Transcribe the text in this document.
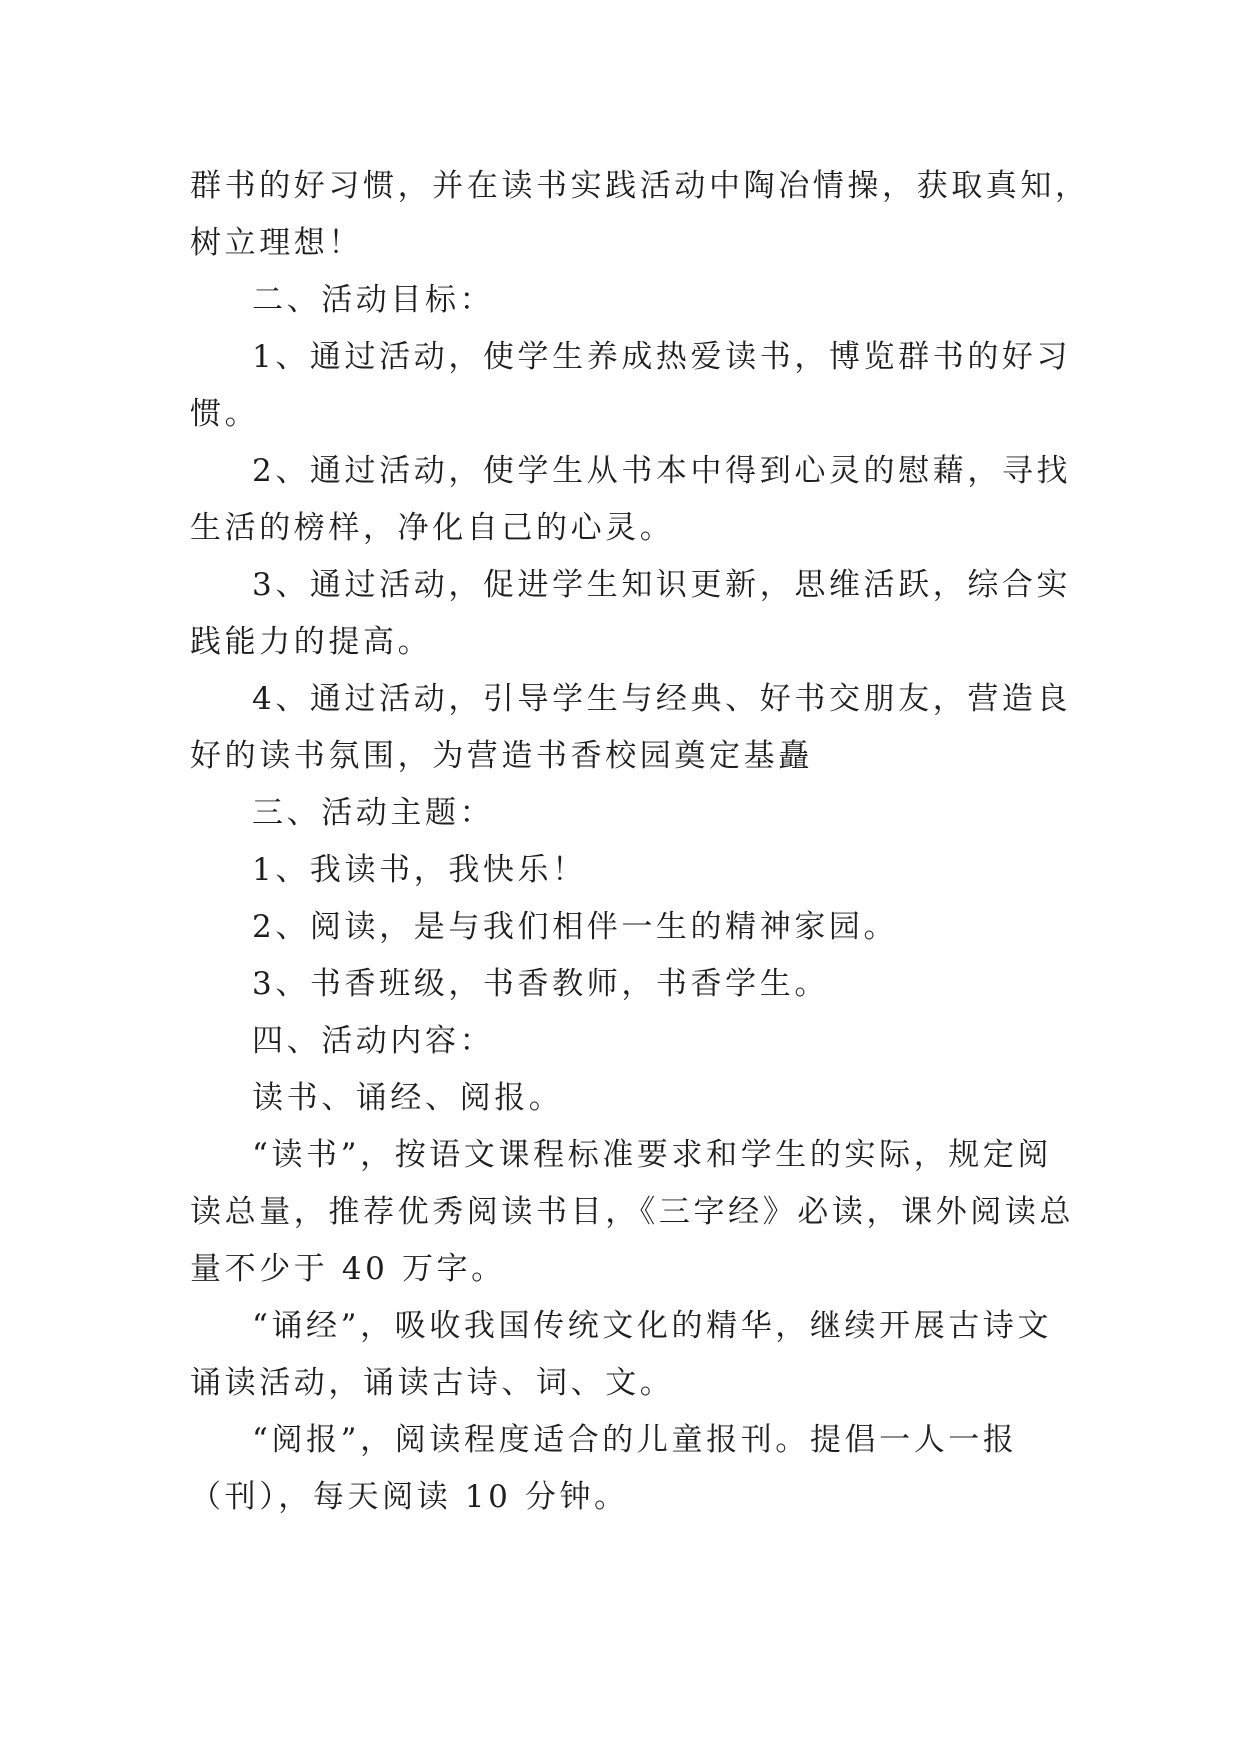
群书的好习惯，并在读书实践活动中陶冶情操，获取真知，
树立理想！
二、活动目标：
1、通过活动，使学生养成热爱读书，博览群书的好习
惯。
2、通过活动，使学生从书本中得到心灵的慰藉，寻找
生活的榜样，净化自己的心灵。
3、通过活动，促进学生知识更新，思维活跃，综合实
践能力的提高。
4、通过活动，引导学生与经典、好书交朋友，营造良
好的读书氛围，为营造书香校园奠定基矗
三、活动主题：
1、我读书，我快乐！
2、阅读，是与我们相伴一生的精神家园。
3、书香班级，书香教师，书香学生。
四、活动内容：
读书、诵经、阅报。
“读书”，按语文课程标准要求和学生的实际，规定阅
读总量，推荐优秀阅读书目，《三字经》必读，课外阅读总
量不少于 40 万字。
“诵经”，吸收我国传统文化的精华，继续开展古诗文
诵读活动，诵读古诗、词、文。
“阅报”，阅读程度适合的儿童报刊。提倡一人一报
（刊），每天阅读 10 分钟。
